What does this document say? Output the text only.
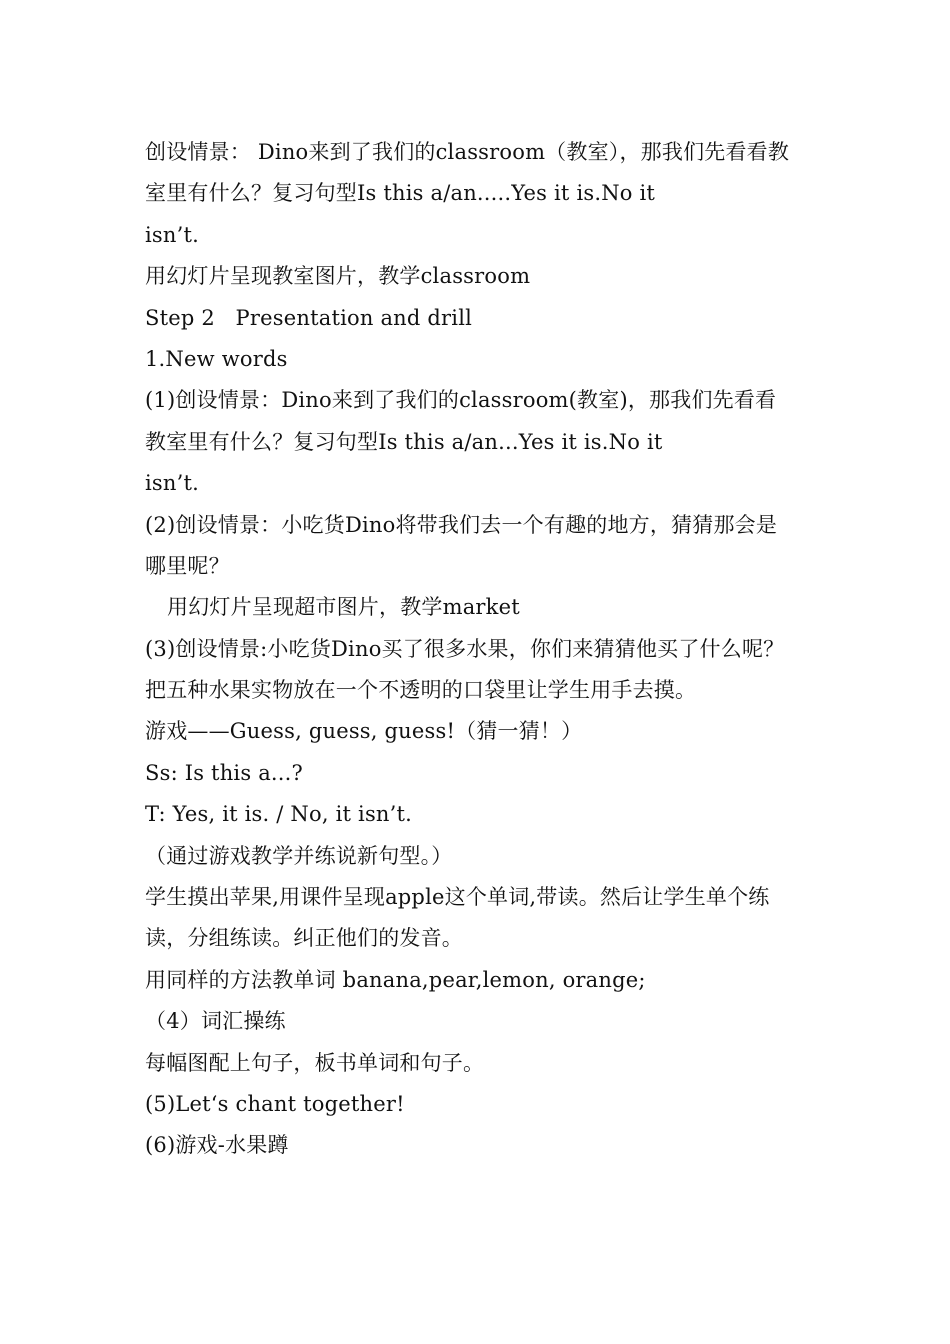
创设情景： Dino来到了我们的classroom（教室），那我们先看看教
室里有什么？复习句型Is this a/an.....Yes it is.No it
isn’t.
用幻灯片呈现教室图片，教学classroom
Step 2   Presentation and drill
1.New words
(1)创设情景：Dino来到了我们的classroom(教室)，那我们先看看
教室里有什么？复习句型Is this a/an...Yes it is.No it
isn’t.
(2)创设情景：小吃货Dino将带我们去一个有趣的地方，猜猜那会是
哪里呢？
用幻灯片呈现超市图片，教学market
(3)创设情景:小吃货Dino买了很多水果，你们来猜猜他买了什么呢？
把五种水果实物放在一个不透明的口袋里让学生用手去摸。
游戏——Guess, guess, guess!（猜一猜！）
Ss: Is this a...?
T: Yes, it is. / No, it isn’t.
（通过游戏教学并练说新句型。）
学生摸出苹果,用课件呈现apple这个单词,带读。然后让学生单个练
读，分组练读。纠正他们的发音。
用同样的方法教单词 banana,pear,lemon, orange;
（4）词汇操练
每幅图配上句子，板书单词和句子。
(5)Let‘s chant together!
(6)游戏-水果蹲
